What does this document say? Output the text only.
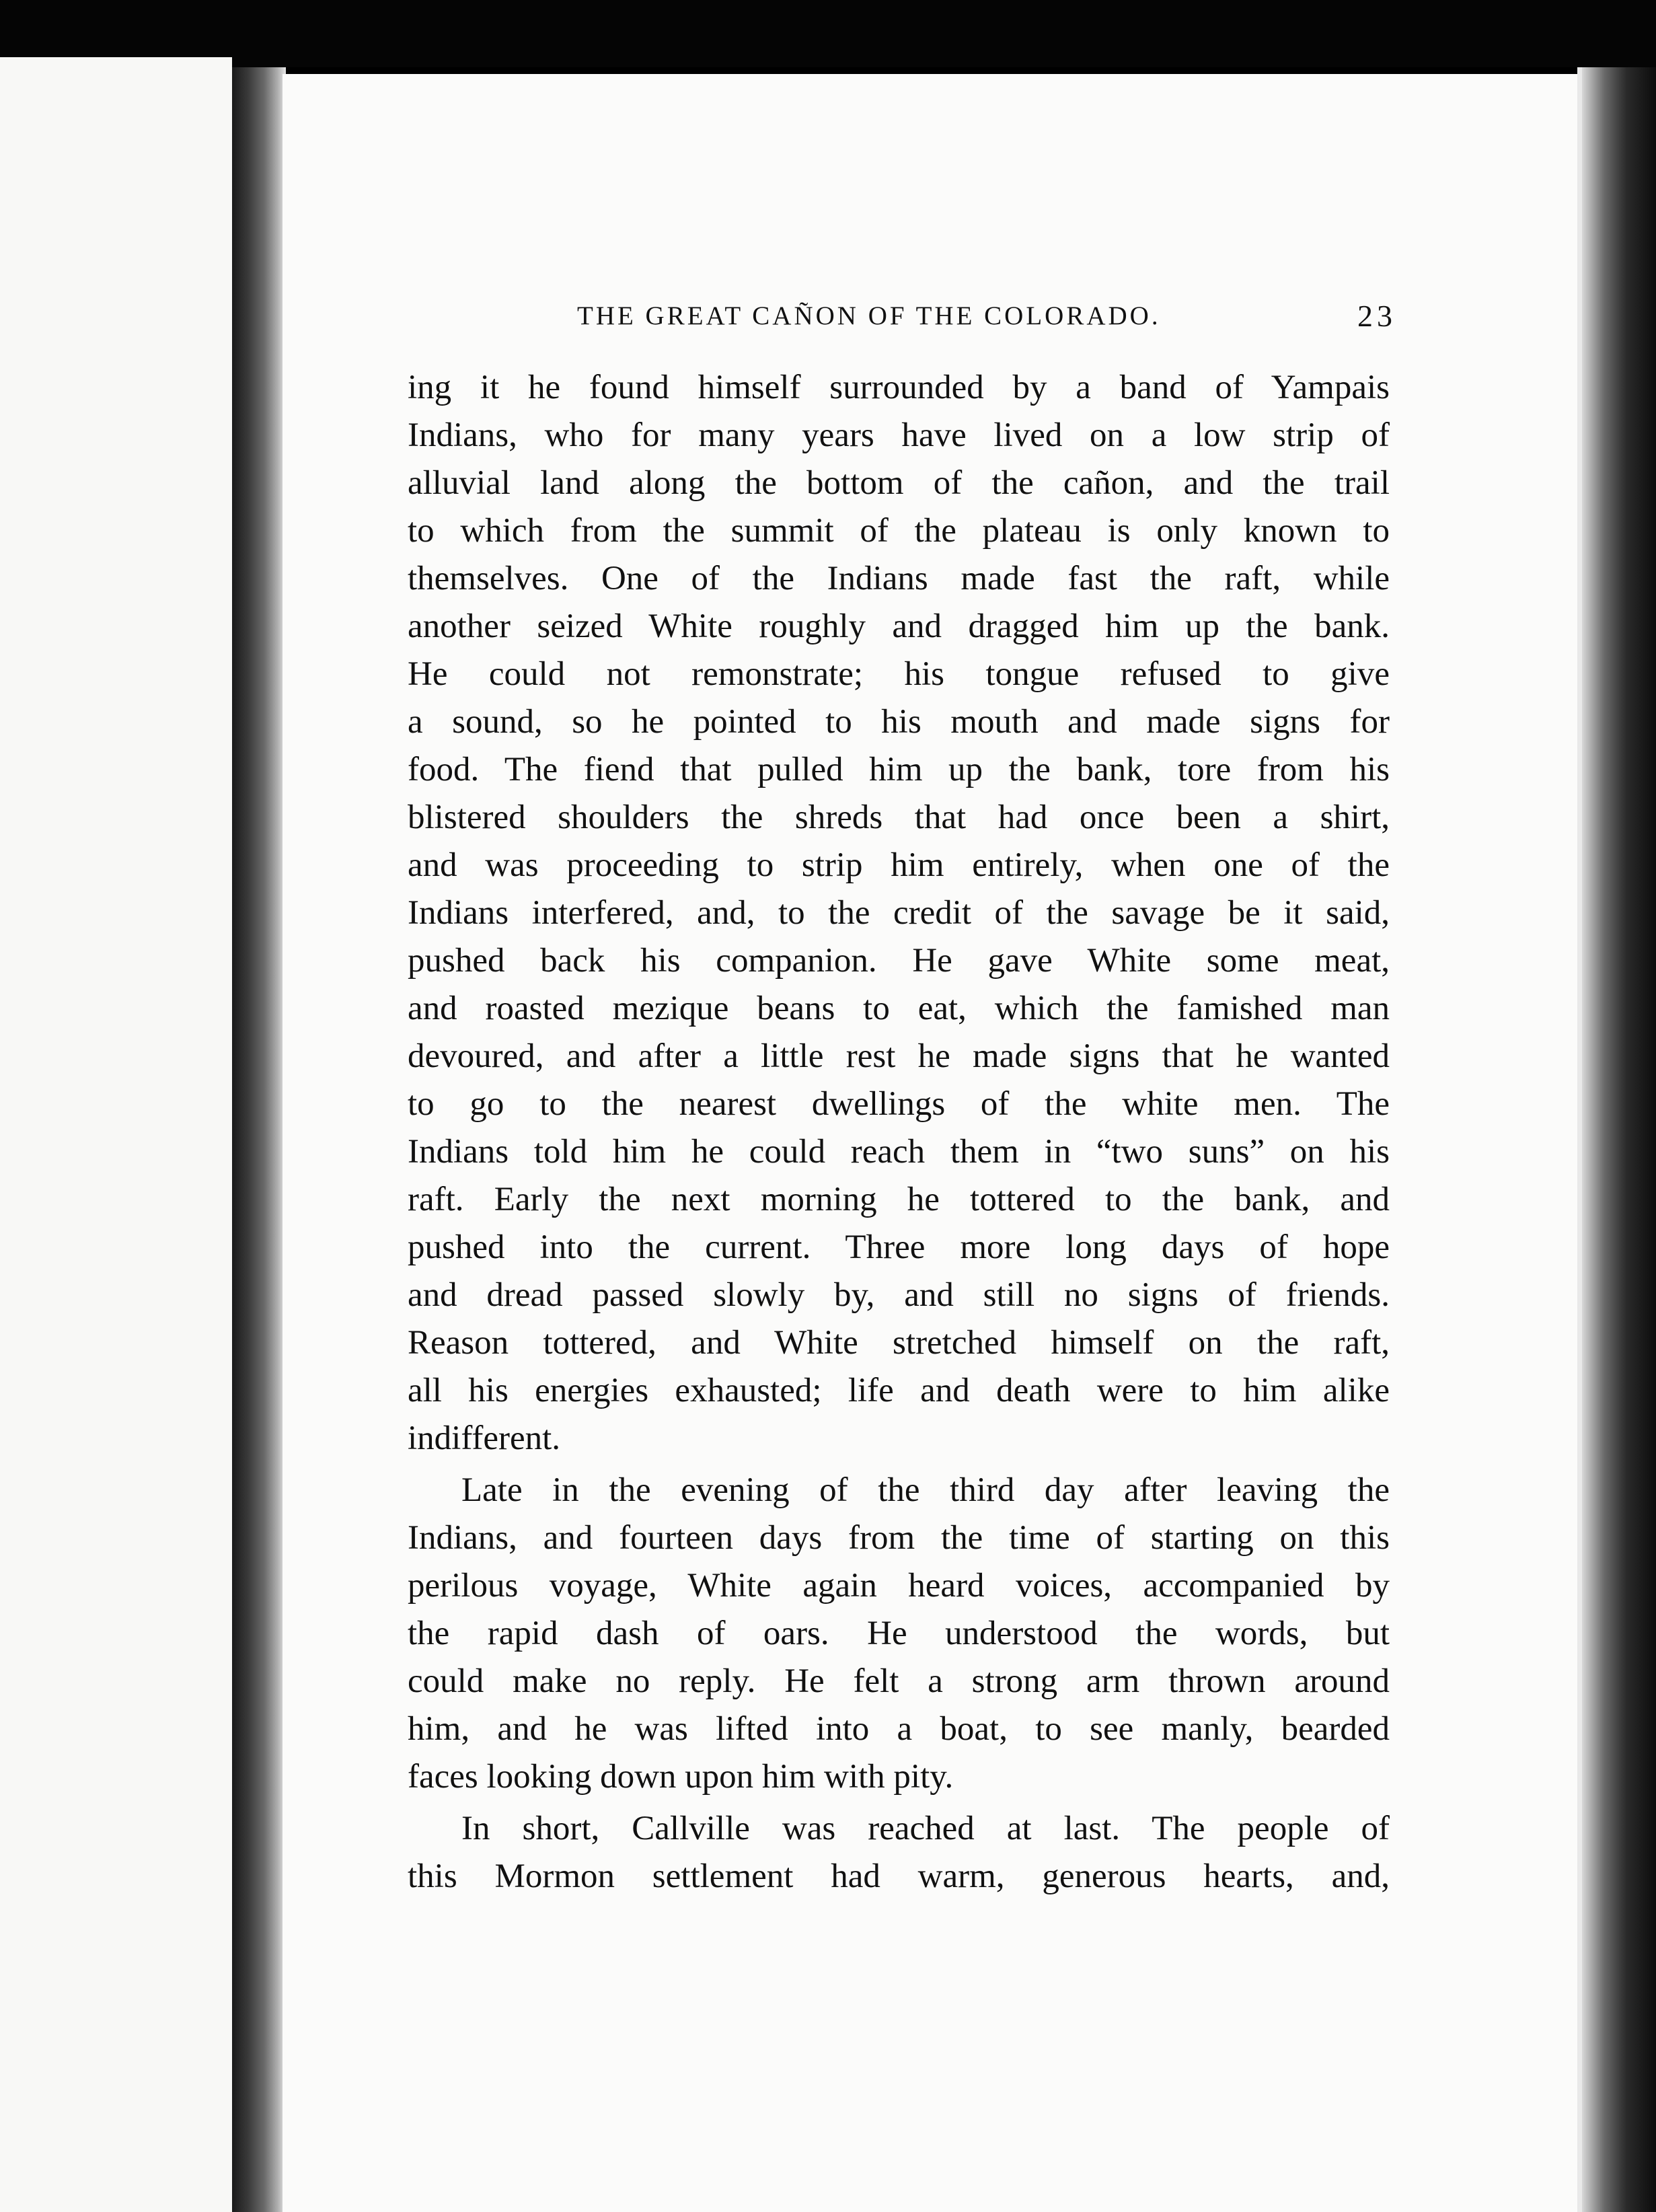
THE GREAT CAÑON OF THE COLORADO.	23
ing it he found himself surrounded by a band of Yampais
Indians, who for many years have lived on a low strip of
alluvial land along the bottom of the cañon, and the trail
to which from the summit of the plateau is only known to
themselves. One of the Indians made fast the raft, while
another seized White roughly and dragged him up the bank.
He could not remonstrate; his tongue refused to give
a sound, so he pointed to his mouth and made signs for
food. The fiend that pulled him up the bank, tore from his
blistered shoulders the shreds that had once been a shirt,
and was proceeding to strip him entirely, when one of the
Indians interfered, and, to the credit of the savage be it said,
pushed back his companion. He gave White some meat,
and roasted mezique beans to eat, which the famished man
devoured, and after a little rest he made signs that he wanted
to go to the nearest dwellings of the white men. The
Indians told him he could reach them in “two suns” on his
raft. Early the next morning he tottered to the bank, and
pushed into the current. Three more long days of hope
and dread passed slowly by, and still no signs of friends.
Reason tottered, and White stretched himself on the raft,
all his energies exhausted; life and death were to him alike
indifferent.
Late in the evening of the third day after leaving the
Indians, and fourteen days from the time of starting on this
perilous voyage, White again heard voices, accompanied by
the rapid dash of oars. He understood the words, but
could make no reply. He felt a strong arm thrown around
him, and he was lifted into a boat, to see manly, bearded
faces looking down upon him with pity.
In short, Callville was reached at last. The people of
this Mormon settlement had warm, generous hearts, and,
